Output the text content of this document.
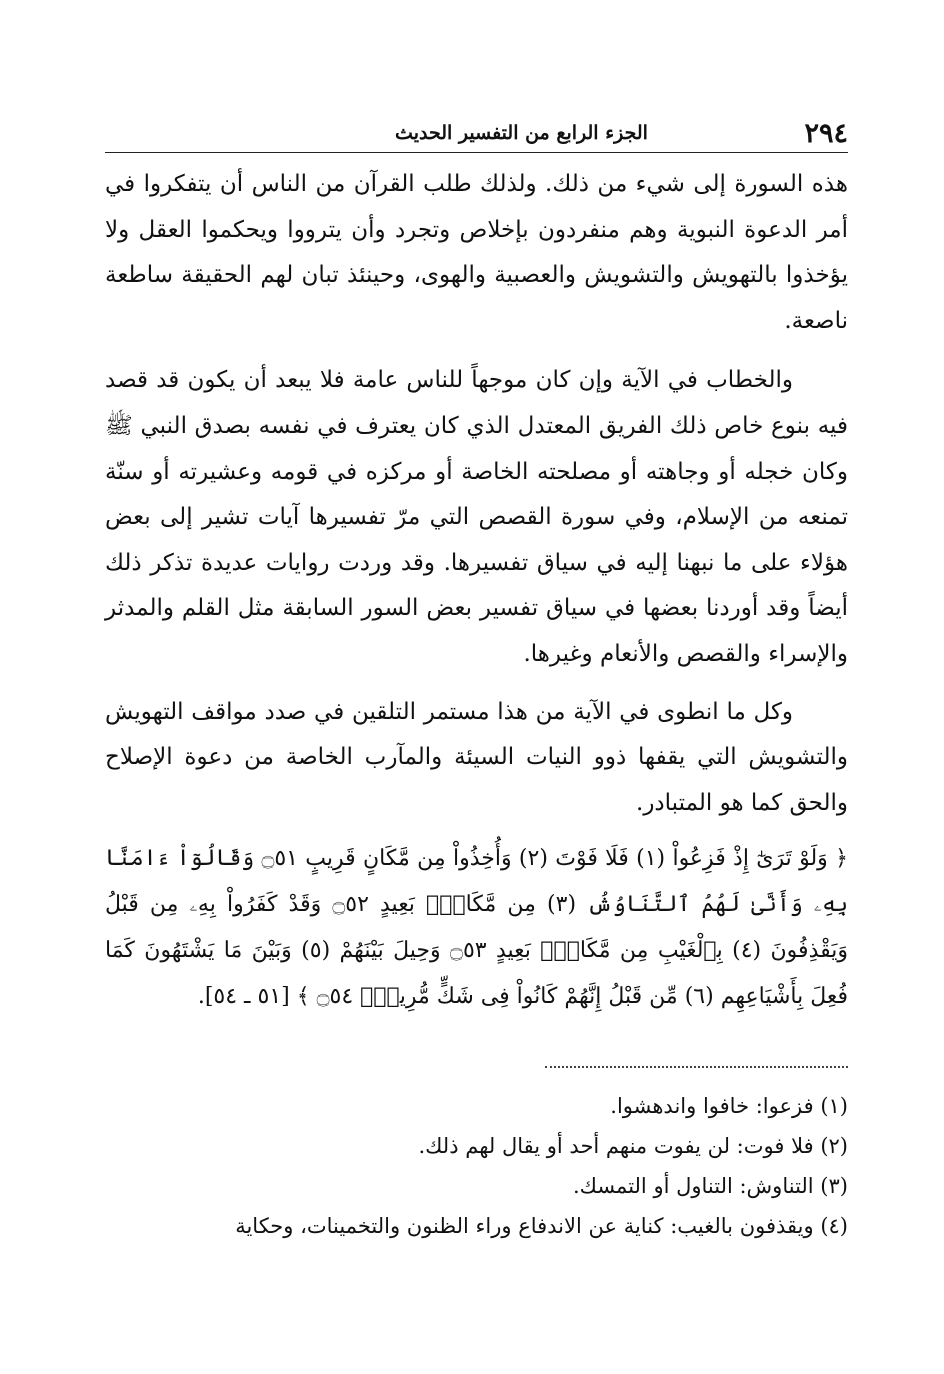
٢٩٤
الجزء الرابع من التفسير الحديث

هذه السورة إلى شيء من ذلك. ولذلك طلب القرآن من الناس أن يتفكروا في أمر الدعوة النبوية وهم منفردون بإخلاص وتجرد وأن يترووا ويحكموا العقل ولا يؤخذوا بالتهويش والتشويش والعصبية والهوى، وحينئذ تبان لهم الحقيقة ساطعة ناصعة.

والخطاب في الآية وإن كان موجهاً للناس عامة فلا يبعد أن يكون قد قصد فيه بنوع خاص ذلك الفريق المعتدل الذي كان يعترف في نفسه بصدق النبي ﷺ وكان خجله أو وجاهته أو مصلحته الخاصة أو مركزه في قومه وعشيرته أو سنّة تمنعه من الإسلام، وفي سورة القصص التي مرّ تفسيرها آيات تشير إلى بعض هؤلاء على ما نبهنا إليه في سياق تفسيرها. وقد وردت روايات عديدة تذكر ذلك أيضاً وقد أوردنا بعضها في سياق تفسير بعض السور السابقة مثل القلم والمدثر والإسراء والقصص والأنعام وغيرها.

وكل ما انطوى في الآية من هذا مستمر التلقين في صدد مواقف التهويش والتشويش التي يقفها ذوو النيات السيئة والمآرب الخاصة من دعوة الإصلاح والحق كما هو المتبادر.

﴿ وَلَوْ تَرَىٰٓ إِذْ فَزِعُواْ (١) فَلَا فَوْتَ (٢) وَأُخِذُواْ مِن مَّكَانٍ قَرِيبٍ ۝٥١ وَقَالُوٓاْ ءَامَنَّا بِهِۦ وَأَنَّىٰ لَهُمُ ٱلتَّنَاوُشُ (٣) مِن مَّكَانٍۭ بَعِيدٍ ۝٥٢ وَقَدْ كَفَرُواْ بِهِۦ مِن قَبْلُ وَيَقْذِفُونَ (٤) بِٱلْغَيْبِ مِن مَّكَانٍۭ بَعِيدٍ ۝٥٣ وَحِيلَ بَيْنَهُمْ (٥) وَبَيْنَ مَا يَشْتَهُونَ كَمَا فُعِلَ بِأَشْيَاعِهِم (٦) مِّن قَبْلُ إِنَّهُمْ كَانُواْ فِى شَكٍّ مُّرِيبٍۭ ۝٥٤ ﴾ [٥١ ـ ٥٤].

(١) فزعوا: خافوا واندهشوا.

(٢) فلا فوت: لن يفوت منهم أحد أو يقال لهم ذلك.

(٣) التناوش: التناول أو التمسك.

(٤) ويقذفون بالغيب: كناية عن الاندفاع وراء الظنون والتخمينات، وحكاية
